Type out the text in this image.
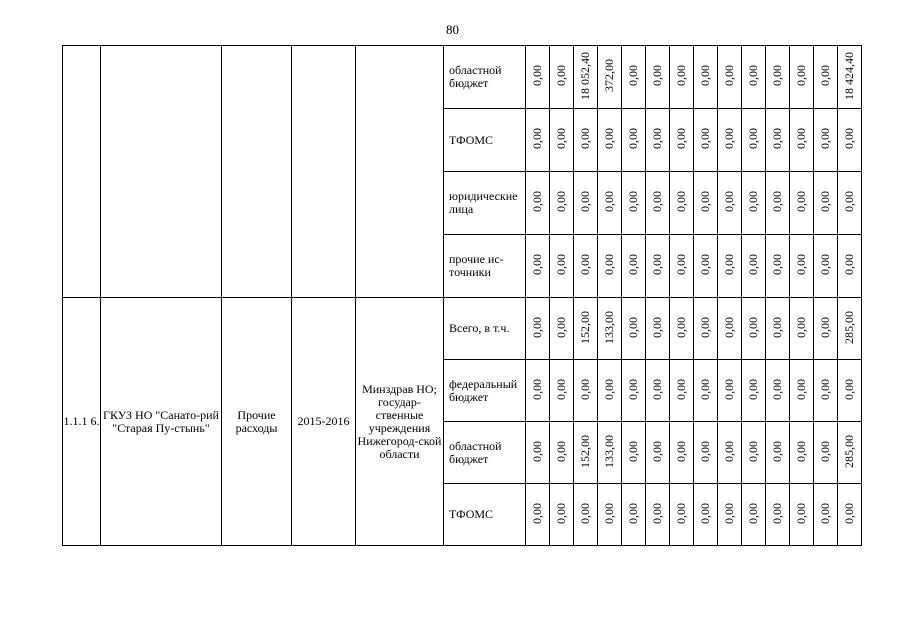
80
					областной бюджет	0,00	0,00	18 052,40	372,00	0,00	0,00	0,00	0,00	0,00	0,00	0,00	0,00	0,00	18 424,40
					ТФОМС	0,00	0,00	0,00	0,00	0,00	0,00	0,00	0,00	0,00	0,00	0,00	0,00	0,00	0,00
					юридические лица	0,00	0,00	0,00	0,00	0,00	0,00	0,00	0,00	0,00	0,00	0,00	0,00	0,00	0,00
					прочие ис-точники	0,00	0,00	0,00	0,00	0,00	0,00	0,00	0,00	0,00	0,00	0,00	0,00	0,00	0,00
1.1.1 6.	ГКУЗ НО "Санато-рий "Старая Пу-стынь"	Прочие расходы	2015-2016	Минздрав НО; государ-ственные учреждения Нижегород-ской области	Всего, в т.ч.	0,00	0,00	152,00	133,00	0,00	0,00	0,00	0,00	0,00	0,00	0,00	0,00	0,00	285,00
					федеральный бюджет	0,00	0,00	0,00	0,00	0,00	0,00	0,00	0,00	0,00	0,00	0,00	0,00	0,00	0,00
					областной бюджет	0,00	0,00	152,00	133,00	0,00	0,00	0,00	0,00	0,00	0,00	0,00	0,00	0,00	285,00
					ТФОМС	0,00	0,00	0,00	0,00	0,00	0,00	0,00	0,00	0,00	0,00	0,00	0,00	0,00	0,00
